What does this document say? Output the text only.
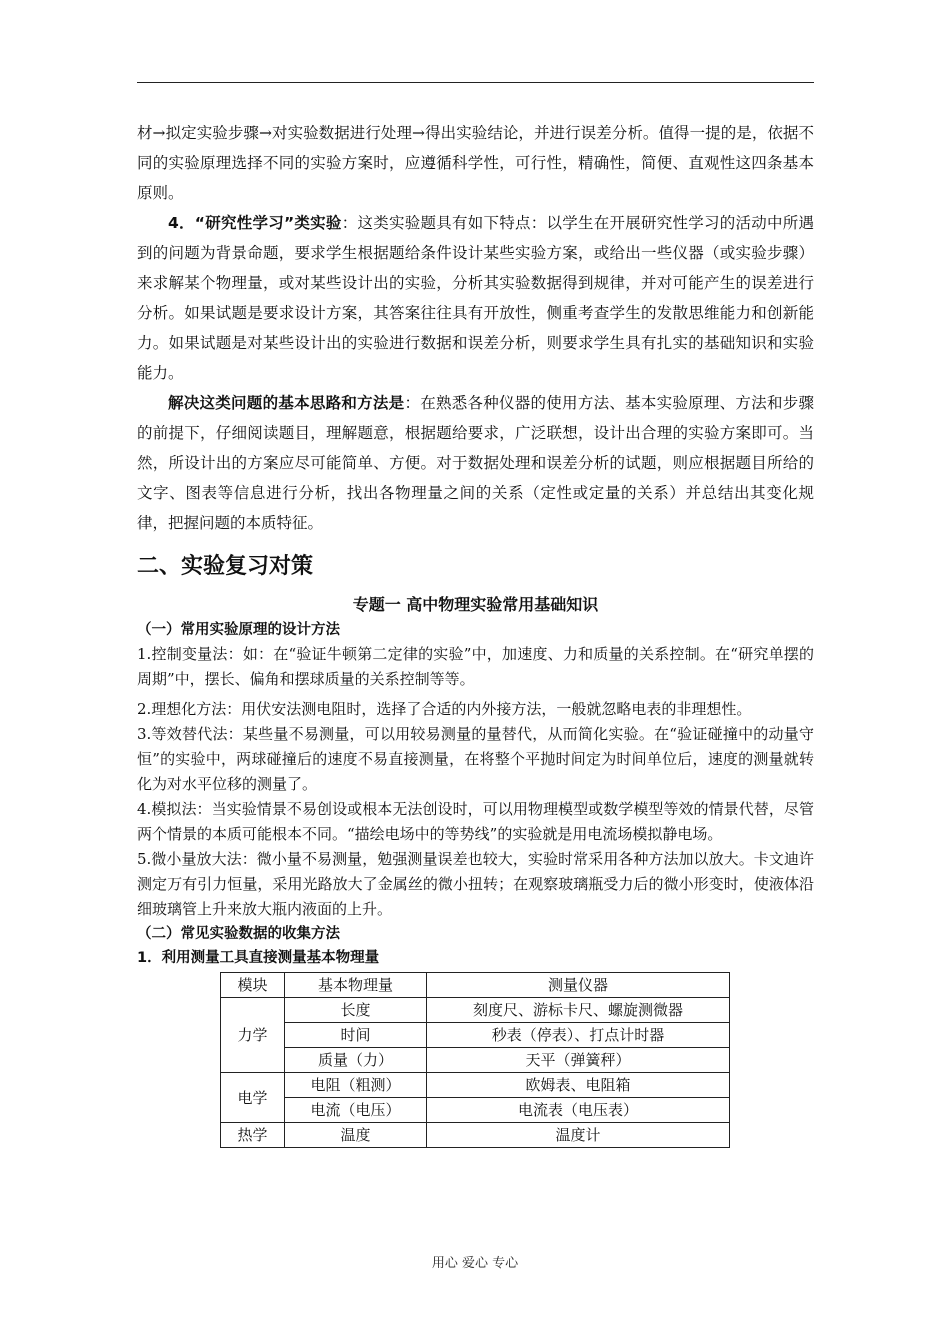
材→拟定实验步骤→对实验数据进行处理→得出实验结论，并进行误差分析。值得一提的是，依据不同的实验原理选择不同的实验方案时，应遵循科学性，可行性，精确性，简便、直观性这四条基本原则。

4．“研究性学习”类实验：这类实验题具有如下特点：以学生在开展研究性学习的活动中所遇到的问题为背景命题，要求学生根据题给条件设计某些实验方案，或给出一些仪器（或实验步骤）来求解某个物理量，或对某些设计出的实验，分析其实验数据得到规律，并对可能产生的误差进行分析。如果试题是要求设计方案，其答案往往具有开放性，侧重考查学生的发散思维能力和创新能力。如果试题是对某些设计出的实验进行数据和误差分析，则要求学生具有扎实的基础知识和实验能力。

解决这类问题的基本思路和方法是：在熟悉各种仪器的使用方法、基本实验原理、方法和步骤的前提下，仔细阅读题目，理解题意，根据题给要求，广泛联想，设计出合理的实验方案即可。当然，所设计出的方案应尽可能简单、方便。对于数据处理和误差分析的试题，则应根据题目所给的文字、图表等信息进行分析，找出各物理量之间的关系（定性或定量的关系）并总结出其变化规律，把握问题的本质特征。

二、实验复习对策
专题一 高中物理实验常用基础知识
（一）常用实验原理的设计方法

1.控制变量法：如：在“验证牛顿第二定律的实验”中，加速度、力和质量的关系控制。在“研究单摆的周期”中，摆长、偏角和摆球质量的关系控制等等。

2.理想化方法：用伏安法测电阻时，选择了合适的内外接方法，一般就忽略电表的非理想性。

3.等效替代法：某些量不易测量，可以用较易测量的量替代，从而简化实验。在“验证碰撞中的动量守恒”的实验中，两球碰撞后的速度不易直接测量，在将整个平抛时间定为时间单位后，速度的测量就转化为对水平位移的测量了。

4.模拟法：当实验情景不易创设或根本无法创设时，可以用物理模型或数学模型等效的情景代替，尽管两个情景的本质可能根本不同。“描绘电场中的等势线”的实验就是用电流场模拟静电场。

5.微小量放大法：微小量不易测量，勉强测量误差也较大，实验时常采用各种方法加以放大。卡文迪许测定万有引力恒量，采用光路放大了金属丝的微小扭转；在观察玻璃瓶受力后的微小形变时，使液体沿细玻璃管上升来放大瓶内液面的上升。

（二）常见实验数据的收集方法
1．利用测量工具直接测量基本物理量
模块	基本物理量	测量仪器
力学	长度	刻度尺、游标卡尺、螺旋测微器
	时间	秒表（停表）、打点计时器
	质量（力）	天平（弹簧秤）
电学	电阻（粗测）	欧姆表、电阻箱
	电流（电压）	电流表（电压表）
热学	温度	温度计
用心 爱心 专心
